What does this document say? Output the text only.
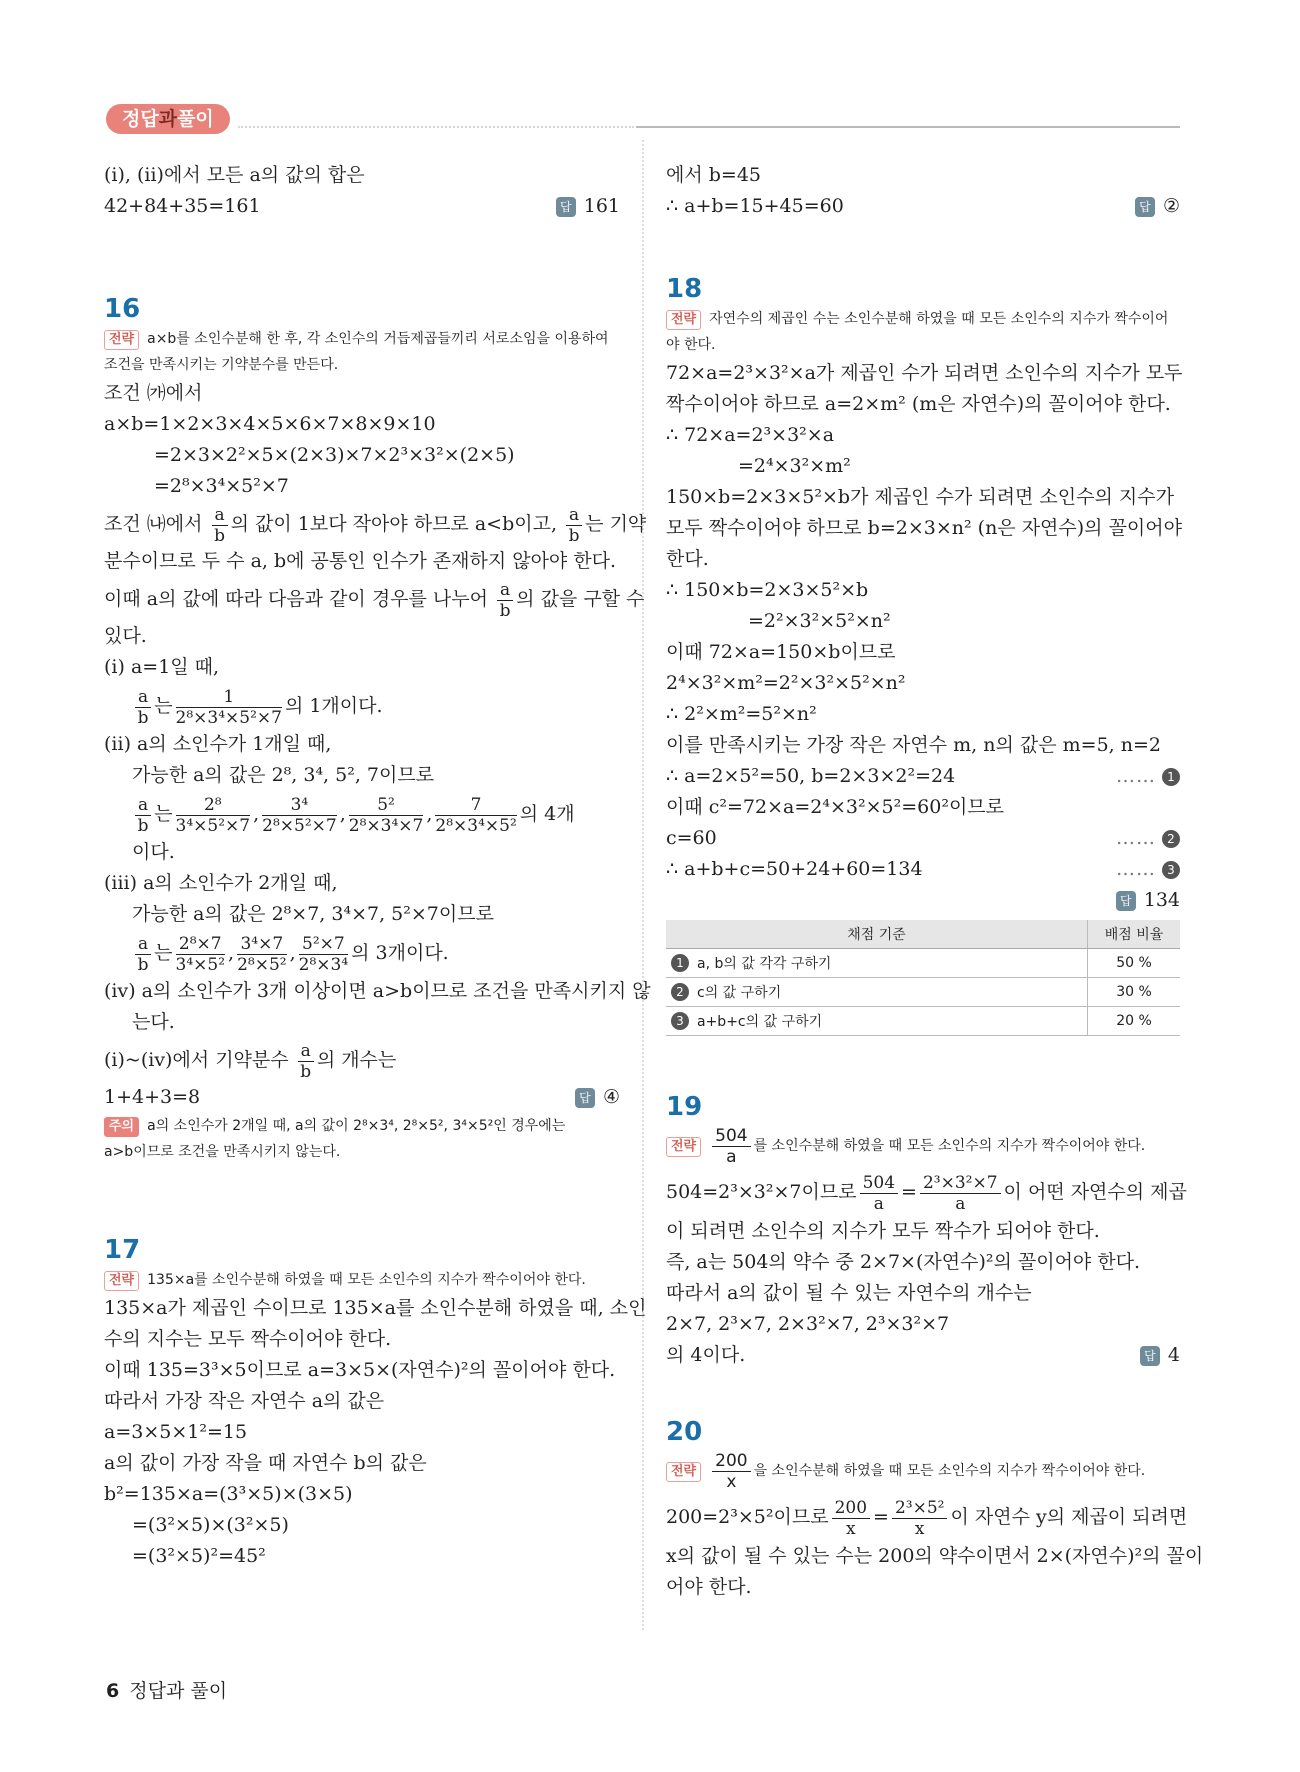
정답과풀이
(ⅰ), (ⅱ)에서 모든 a의 값의 합은
42+84+35=161	답 161
16
전략 a×b를 소인수분해 한 후, 각 소인수의 거듭제곱들끼리 서로소임을 이용하여
조건을 만족시키는 기약분수를 만든다.
조건 ㈎에서
a×b=1×2×3×4×5×6×7×8×9×10
=2×3×2²×5×(2×3)×7×2³×3²×(2×5)
=2⁸×3⁴×5²×7
조건 ㈏에서 $\frac{a}{b}$ 의 값이 1보다 작아야 하므로 a<b이고, $\frac{a}{b}$ 는 기약
분수이므로 두 수 a, b에 공통인 인수가 존재하지 않아야 한다.
이때 a의 값에 따라 다음과 같이 경우를 나누어 $\frac{a}{b}$ 의 값을 구할 수
있다.
(ⅰ) a=1일 때,
$\frac{a}{b}$ 는 $\frac{1}{\text{2⁸×3⁴×5²×7}}$ 의 1개이다.
(ⅱ) a의 소인수가 1개일 때,
가능한 a의 값은 2⁸, 3⁴, 5², 7이므로
$\frac{a}{b}$ 는 $\frac{\text{2⁸}}{\text{3⁴×5²×7}}$ , $\frac{\text{3⁴}}{\text{2⁸×5²×7}}$ , $\frac{\text{5²}}{\text{2⁸×3⁴×7}}$ , $\frac{7}{\text{2⁸×3⁴×5²}}$ 의 4개
이다.
(ⅲ) a의 소인수가 2개일 때,
가능한 a의 값은 2⁸×7, 3⁴×7, 5²×7이므로
$\frac{a}{b}$ 는 $\frac{\text{2⁸×7}}{\text{3⁴×5²}}$ , $\frac{\text{3⁴×7}}{\text{2⁸×5²}}$ , $\frac{\text{5²×7}}{\text{2⁸×3⁴}}$ 의 3개이다.
(ⅳ) a의 소인수가 3개 이상이면 a>b이므로 조건을 만족시키지 않
는다.
(ⅰ)~(ⅳ)에서 기약분수 $\frac{a}{b}$ 의 개수는
1+4+3=8	답 ④
주의 a의 소인수가 2개일 때, a의 값이 2⁸×3⁴, 2⁸×5², 3⁴×5²인 경우에는
a>b이므로 조건을 만족시키지 않는다.
17
전략 135×a를 소인수분해 하였을 때 모든 소인수의 지수가 짝수이어야 한다.
135×a가 제곱인 수이므로 135×a를 소인수분해 하였을 때, 소인
수의 지수는 모두 짝수이어야 한다.
이때 135=3³×5이므로 a=3×5×(자연수)²의 꼴이어야 한다.
따라서 가장 작은 자연수 a의 값은
a=3×5×1²=15
a의 값이 가장 작을 때 자연수 b의 값은
b²=135×a=(3³×5)×(3×5)
=(3²×5)×(3²×5)
=(3²×5)²=45²
에서 b=45
∴ a+b=15+45=60	답 ②
18
전략 자연수의 제곱인 수는 소인수분해 하였을 때 모든 소인수의 지수가 짝수이어
야 한다.
72×a=2³×3²×a가 제곱인 수가 되려면 소인수의 지수가 모두
짝수이어야 하므로 a=2×m² (m은 자연수)의 꼴이어야 한다.
∴ 72×a=2³×3²×a
=2⁴×3²×m²
150×b=2×3×5²×b가 제곱인 수가 되려면 소인수의 지수가
모두 짝수이어야 하므로 b=2×3×n² (n은 자연수)의 꼴이어야
한다.
∴ 150×b=2×3×5²×b
=2²×3²×5²×n²
이때 72×a=150×b이므로
2⁴×3²×m²=2²×3²×5²×n²
∴ 2²×m²=5²×n²
이를 만족시키는 가장 작은 자연수 m, n의 값은 m=5, n=2
∴ a=2×5²=50, b=2×3×2²=24	…… 1
이때 c²=72×a=2⁴×3²×5²=60²이므로
c=60	…… 2
∴ a+b+c=50+24+60=134	…… 3
답 134
채점 기준	배점 비율
1 a, b의 값 각각 구하기	50 %
2 c의 값 구하기	30 %
3 a+b+c의 값 구하기	20 %
19
전략 $\frac{504}{a}$ 를 소인수분해 하였을 때 모든 소인수의 지수가 짝수이어야 한다.
504=2³×3²×7이므로 $\frac{504}{a} = \frac{\text{2³×3²×7}}{a}$ 이 어떤 자연수의 제곱
이 되려면 소인수의 지수가 모두 짝수가 되어야 한다.
즉, a는 504의 약수 중 2×7×(자연수)²의 꼴이어야 한다.
따라서 a의 값이 될 수 있는 자연수의 개수는
2×7, 2³×7, 2×3²×7, 2³×3²×7
의 4이다.	답 4
20
전략 $\frac{200}{x}$ 을 소인수분해 하였을 때 모든 소인수의 지수가 짝수이어야 한다.
200=2³×5²이므로 $\frac{200}{x} = \frac{\text{2³×5²}}{x}$ 이 자연수 y의 제곱이 되려면
x의 값이 될 수 있는 수는 200의 약수이면서 2×(자연수)²의 꼴이
어야 한다.
6 정답과 풀이
